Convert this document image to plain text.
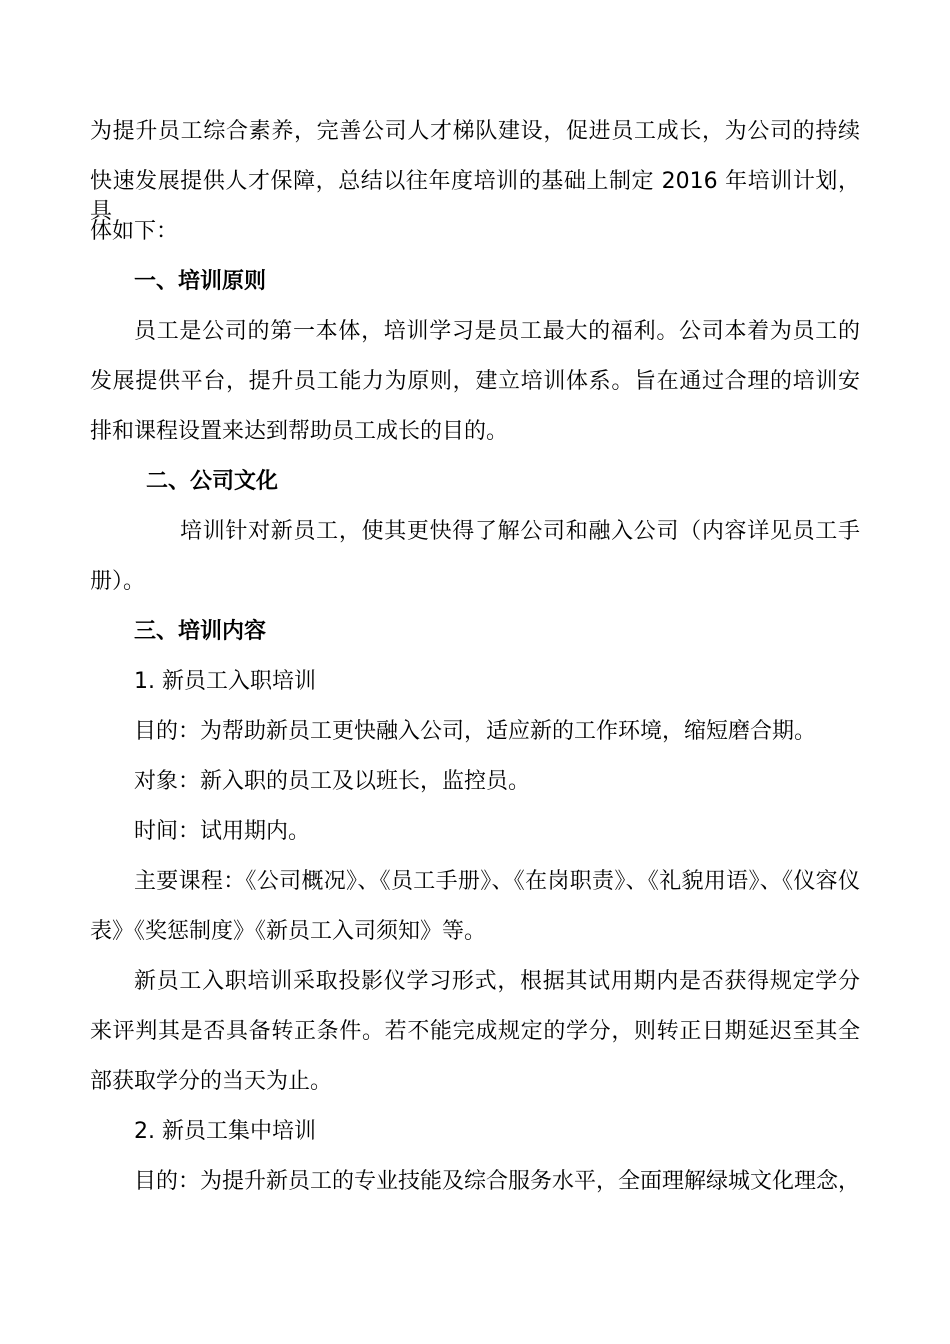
为提升员工综合素养，完善公司人才梯队建设，促进员工成长，为公司的持续

快速发展提供人才保障，总结以往年度培训的基础上制定 2016 年培训计划，具

体如下：

一、培训原则

员工是公司的第一本体，培训学习是员工最大的福利。公司本着为员工的

发展提供平台，提升员工能力为原则，建立培训体系。旨在通过合理的培训安

排和课程设置来达到帮助员工成长的目的。

二、公司文化

培训针对新员工，使其更快得了解公司和融入公司（内容详见员工手

册）。

三、培训内容

1. 新员工入职培训

目的：为帮助新员工更快融入公司，适应新的工作环境，缩短磨合期。

对象：新入职的员工及以班长，监控员。

时间：试用期内。

主要课程：《公司概况》、《员工手册》、《在岗职责》、《礼貌用语》、《仪容仪

表》《奖惩制度》《新员工入司须知》等。

新员工入职培训采取投影仪学习形式，根据其试用期内是否获得规定学分

来评判其是否具备转正条件。若不能完成规定的学分，则转正日期延迟至其全

部获取学分的当天为止。

2. 新员工集中培训

目的：为提升新员工的专业技能及综合服务水平，全面理解绿城文化理念，
